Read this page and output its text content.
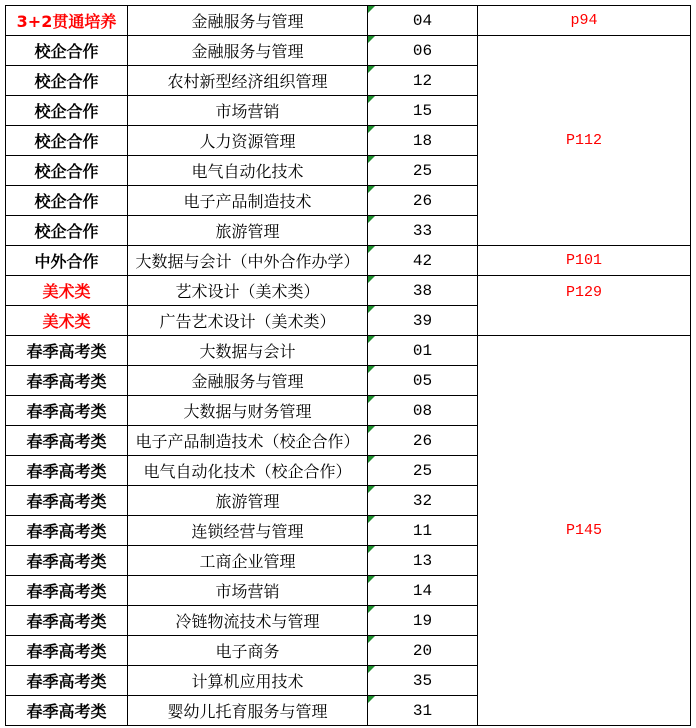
3+2贯通培养	金融服务与管理	04	p94
校企合作	金融服务与管理	06	P112
校企合作	农村新型经济组织管理	12	
校企合作	市场营销	15	
校企合作	人力资源管理	18	
校企合作	电气自动化技术	25	
校企合作	电子产品制造技术	26	
校企合作	旅游管理	33	
中外合作	大数据与会计（中外合作办学）	42	P101
美术类	艺术设计（美术类）	38	P129
美术类	广告艺术设计（美术类）	39	
春季高考类	大数据与会计	01	P145
春季高考类	金融服务与管理	05	
春季高考类	大数据与财务管理	08	
春季高考类	电子产品制造技术（校企合作）	26	
春季高考类	电气自动化技术（校企合作）	25	
春季高考类	旅游管理	32	
春季高考类	连锁经营与管理	11	
春季高考类	工商企业管理	13	
春季高考类	市场营销	14	
春季高考类	冷链物流技术与管理	19	
春季高考类	电子商务	20	
春季高考类	计算机应用技术	35	
春季高考类	婴幼儿托育服务与管理	31	
